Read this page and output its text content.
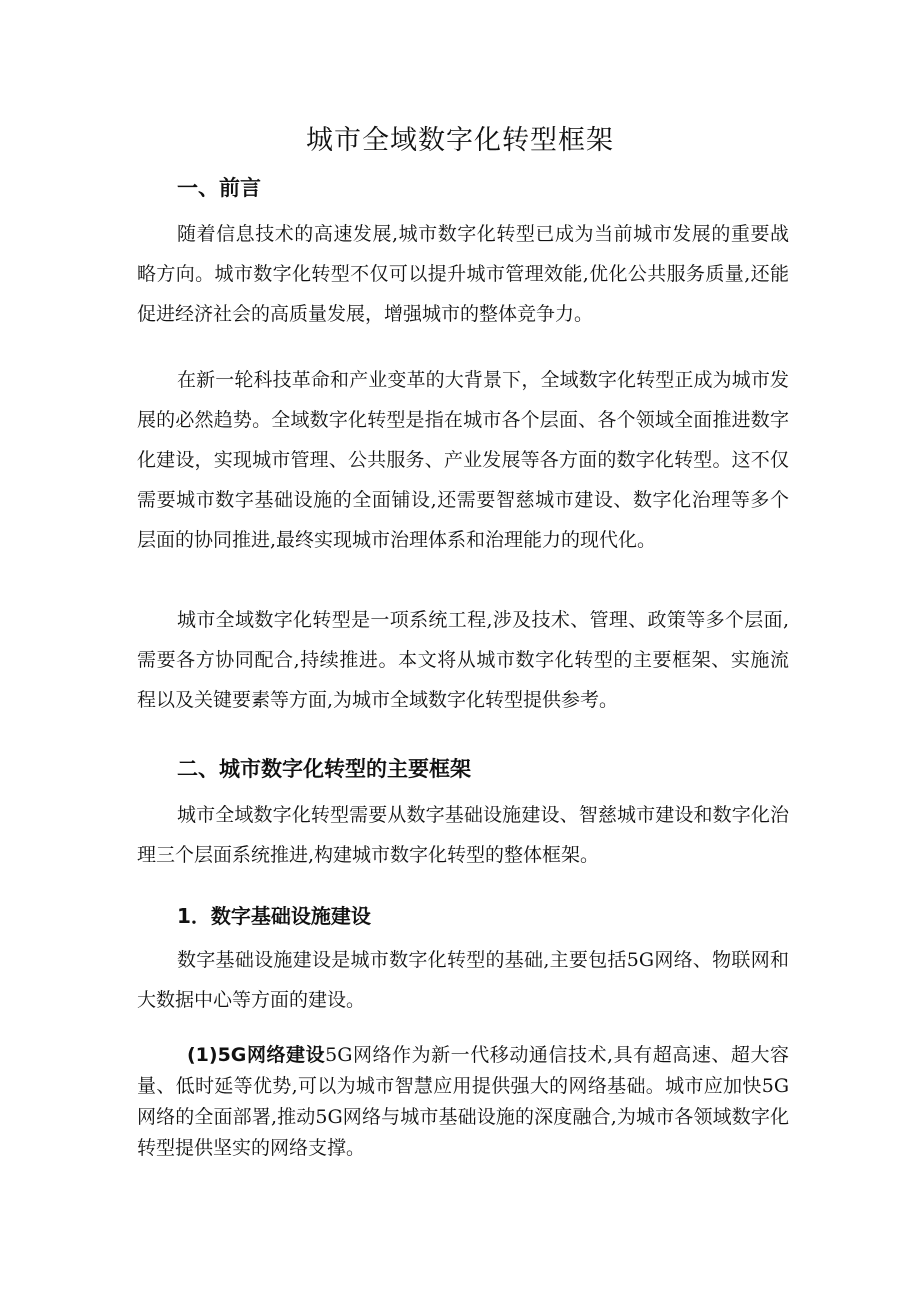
城市全域数字化转型框架
一、前言

随着信息技术的高速发展,城市数字化转型已成为当前城市发展的重要战略方向。城市数字化转型不仅可以提升城市管理效能,优化公共服务质量,还能促进经济社会的高质量发展，增强城市的整体竞争力。

在新一轮科技革命和产业变革的大背景下，全域数字化转型正成为城市发展的必然趋势。全域数字化转型是指在城市各个层面、各个领域全面推进数字化建设，实现城市管理、公共服务、产业发展等各方面的数字化转型。这不仅需要城市数字基础设施的全面铺设,还需要智慈城市建设、数字化治理等多个层面的协同推进,最终实现城市治理体系和治理能力的现代化。

城市全域数字化转型是一项系统工程,涉及技术、管理、政策等多个层面,需要各方协同配合,持续推进。本文将从城市数字化转型的主要框架、实施流程以及关键要素等方面,为城市全域数字化转型提供参考。

二、城市数字化转型的主要框架

城市全域数字化转型需要从数字基础设施建设、智慈城市建设和数字化治理三个层面系统推进,构建城市数字化转型的整体框架。

1．数字基础设施建设

数字基础设施建设是城市数字化转型的基础,主要包括5G网络、物联网和大数据中心等方面的建设。

(1)5G网络建设5G网络作为新一代移动通信技术,具有超高速、超大容量、低时延等优势,可以为城市智慧应用提供强大的网络基础。城市应加快5G网络的全面部署,推动5G网络与城市基础设施的深度融合,为城市各领域数字化转型提供坚实的网络支撑。
